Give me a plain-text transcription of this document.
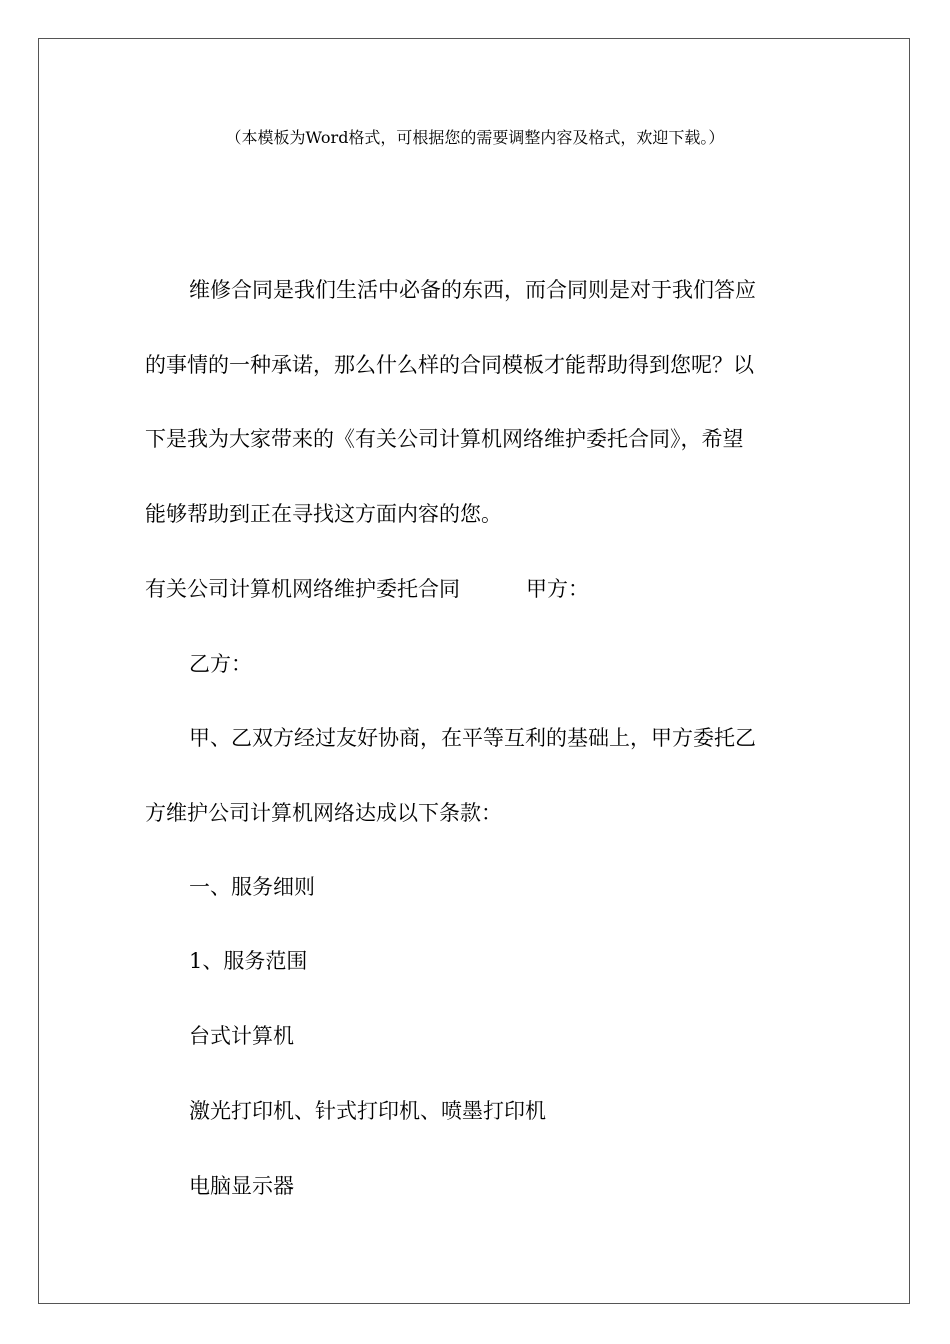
（本模板为Word格式，可根据您的需要调整内容及格式，欢迎下载。）
维修合同是我们生活中必备的东西，而合同则是对于我们答应
的事情的一种承诺，那么什么样的合同模板才能帮助得到您呢？以
下是我为大家带来的《有关公司计算机网络维护委托合同》，希望
能够帮助到正在寻找这方面内容的您。
有关公司计算机网络维护委托合同	甲方：
乙方：
甲、乙双方经过友好协商，在平等互利的基础上，甲方委托乙
方维护公司计算机网络达成以下条款：
一、服务细则
1、服务范围
台式计算机
激光打印机、针式打印机、喷墨打印机
电脑显示器
